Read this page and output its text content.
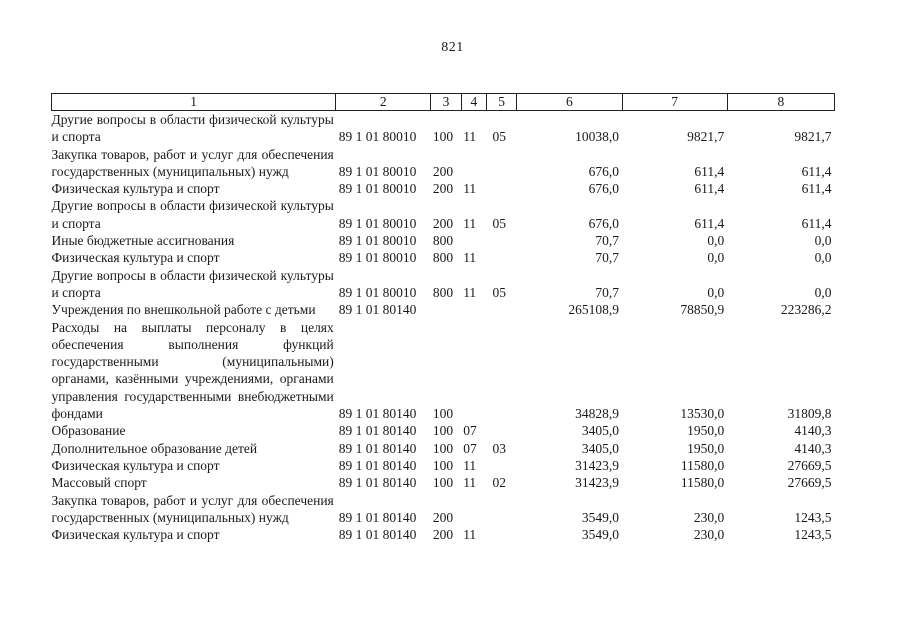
821
1	2	3	4	5	6	7	8
Другие вопросы в области физической культуры и спорта	89 1 01 80010	100	11	05	10038,0	9821,7	9821,7
Закупка товаров, работ и услуг для обеспечения государственных (муниципальных) нужд	89 1 01 80010	200			676,0	611,4	611,4
Физическая культура и спорт	89 1 01 80010	200	11		676,0	611,4	611,4
Другие вопросы в области физической культуры и спорта	89 1 01 80010	200	11	05	676,0	611,4	611,4
Иные бюджетные ассигнования	89 1 01 80010	800			70,7	0,0	0,0
Физическая культура и спорт	89 1 01 80010	800	11		70,7	0,0	0,0
Другие вопросы в области физической культуры и спорта	89 1 01 80010	800	11	05	70,7	0,0	0,0
Учреждения по внешкольной работе с детьми	89 1 01 80140				265108,9	78850,9	223286,2
Расходы на выплаты персоналу в целях обеспечения выполнения функций государственными (муниципальными) органами, казёнными учреждениями, органами управления государственными внебюджетными фондами	89 1 01 80140	100			34828,9	13530,0	31809,8
Образование	89 1 01 80140	100	07		3405,0	1950,0	4140,3
Дополнительное образование детей	89 1 01 80140	100	07	03	3405,0	1950,0	4140,3
Физическая культура и спорт	89 1 01 80140	100	11		31423,9	11580,0	27669,5
Массовый спорт	89 1 01 80140	100	11	02	31423,9	11580,0	27669,5
Закупка товаров, работ и услуг для обеспечения государственных (муниципальных) нужд	89 1 01 80140	200			3549,0	230,0	1243,5
Физическая культура и спорт	89 1 01 80140	200	11		3549,0	230,0	1243,5
